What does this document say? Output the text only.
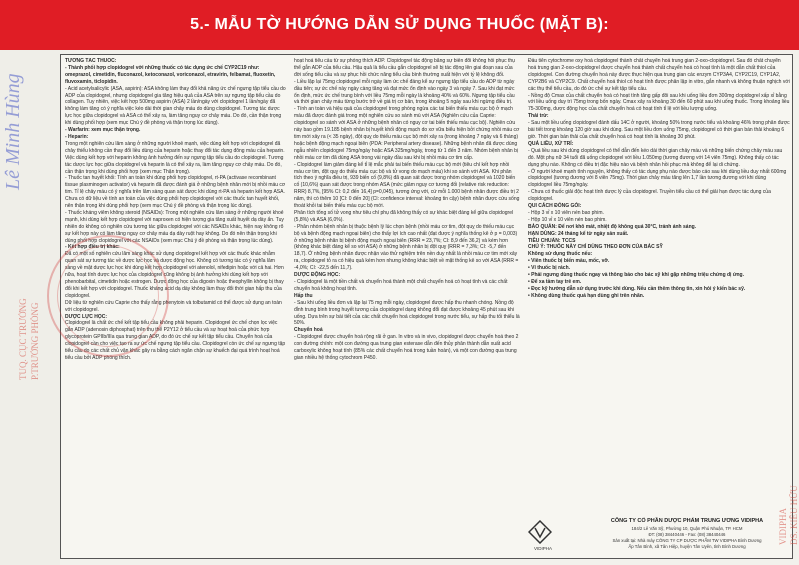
5.- MẪU TỜ HƯỚNG DẪN SỬ DỤNG THUỐC (MẶT B):
Lê Minh Hùng
TUQ. CỤC TRƯỞNG P.TRƯỞNG PHÒNG

TƯƠNG TÁC THUỐC:

- Thành phối hợp clopidogrel với những thuốc có tác dụng ức chế CYP2C19 như: omeprazol, cimetidin, fluconazol, ketoconazol, voriconazol, etravirin, felbamat, fluoxetin, fluvoxamin, ticlopidin.

- Acid acetylsalicylic (ASA, aspirin): ASA không làm thay đổi khả năng ức chế ngưng tập tiểu cầu do ADP của clopidogrel, nhưng clopidogrel gia tăng hiệu quả của ASA trên sự ngưng tập tiểu cầu do collagen. Tuy nhiên, việc kết hợp 500mg aspirin (ASA) 2 lần/ngày với clopidogrel 1 lần/ngày đã không làm tăng có ý nghĩa việc kéo dài thời gian chảy máu do dùng clopidogrel. Tương tác dược lực học giữa clopidogrel và ASA có thể xảy ra, làm tăng nguy cơ chảy máu. Do đó, cần thận trọng khi dùng phối hợp (xem mục Chú ý đề phòng và thận trọng lúc dùng).

- Warfarin: xem mục thận trọng.

- Heparin:

Trong một nghiên cứu lâm sàng ở những người khoẻ mạnh, việc dùng kết hợp với clopidogrel đã chảy thiểu không cần thay đổi liều dùng của heparin hoặc thay đổi tác dụng đông máu của heparin. Việc dùng kết hợp với heparin không ảnh hưởng đến sự ngưng tập tiểu cầu do clopidogrel. Tương tác dược lực học giữa clopidogrel và heparin là có thể xảy ra, làm tăng nguy cơ chảy máu. Do đó, cần thận trọng khi dùng phối hợp (xem mục Thận trọng).

- Thuốc tan huyết khối: Tính an toàn khi dùng phối hợp clopidogrel, rt-PA (activase recombinant tissue plasminogen activator) và heparin đã được đánh giá ở những bệnh nhân mới bị nhồi máu cơ tim. Tỉ lệ chảy máu có ý nghĩa trên lâm sàng quan sát được khi dùng rt-PA và heparin kết hợp ASA. Chưa có dữ liệu về tính an toàn của việc dùng phối hợp clopidogrel với các thuốc tan huyết khối, nên thận trọng khi dùng phối hợp (xem mục Chú ý đề phòng và thận trọng lúc dùng).

- Thuốc kháng viêm không steroid (NSAIDs): Trong một nghiên cứu lâm sàng ở những người khoẻ mạnh, khi dùng kết hợp clopidogrel với naproxen có hiện tượng gia tăng xuất huyết dạ dày ẩn. Tuy nhiên do không có nghiên cứu tương tác giữa clopidogrel với các NSAIDs khác, hiện nay không rõ sự kết hợp này có làm tăng nguy cơ chảy máu dạ dày ruột hay không. Do đó nên thận trọng khi dùng phối hợp clopidogrel với các NSAIDs (xem mục Chú ý đề phòng và thận trọng lúc dùng).

- Kết hợp điều trị khác:

Đã có một số nghiên cứu lâm sàng khác sử dụng clopidogrel kết hợp với các thuốc khác nhằm quan sát sự tương tác về dược lực học và dược động học. Không có tương tác có ý nghĩa lâm sàng về mặt dược lực học khi dùng kết hợp clopidogrel với atenolol, nifedipin hoặc với cả hai. Hơn nữa, hoạt tính dược lực học của clopidogrel cũng không bị ảnh hưởng khi dùng kết hợp với phenobarbital, cimetidin hoặc estrogen. Dược động học của digoxin hoặc theophyllin không bị thay đổi khi kết hợp với clopidogrel. Thuốc kháng acid dạ dày không làm thay đổi thời gian hấp thu của clopidogrel.

Dữ liệu từ nghiên cứu Caprie cho thấy rằng phenytoin và tolbutamid có thể được sử dụng an toàn với clopidogrel.

DƯỢC LỰC HỌC:

Clopidogrel là chất ức chế kết tập tiểu cầu không phải heparin. Clopidogrel ức chế chọn lọc việc gắn ADP (adenosin diphosphat) trên thụ thể P2Y12 ở tiểu cầu và sự hoạt hoá của phức hợp glycoprotein GPIIb/IIIa qua trung gian ADP, do đó ức chế sự kết tập tiểu cầu. Chuyển hoá của clopidogrel cần cho việc tạo ra sự ức chế ngưng tập tiểu cầu. Clopidogrel còn ức chế sự ngưng tập tiểu cầu do các chất chủ vận khác gây ra bằng cách ngăn chặn sự khuếch đại quá trình hoạt hoá tiểu cầu bởi ADP phóng thích.

hoạt hoá tiểu cầu từ sự phóng thích ADP. Clopidogrel tác động bằng sự biến đổi không hồi phục thụ thể gắn ADP của tiểu cầu. Hậu quả là tiểu cầu gắn clopidogrel sẽ bị tác động lên giai đoạn sau của đời sống tiểu cầu và sự phục hồi chức năng tiểu cầu bình thường xuất hiện với tỷ lệ không đổi.

- Liều lặp lại 75mg clopidogrel mỗi ngày làm ức chế đáng kể sự ngưng tập tiểu cầu do ADP từ ngày đầu tiên; sự ức chế này ngày càng tăng và đạt mức ổn định vào ngày 3 và ngày 7. Sau khi đạt mức ổn định, mức ức chế trung bình với liều 75mg mỗi ngày là khoảng 40% và 60%. Ngưng tập tiểu cầu và thời gian chảy máu từng bước trở về giá trị cơ bản, trong khoảng 5 ngày sau khi ngừng điều trị.

- Tính an toàn và hiệu quả của clopidogrel trong phòng ngừa các tai biến thiếu máu cục bộ ở mạch máu đã được đánh giá trong một nghiên cứu so sánh mù với ASA (Nghiên cứu của Caprie: clopidogrel so sánh với ASA ở những bệnh nhân có nguy cơ tai biến thiếu máu cục bộ). Nghiên cứu này bao gồm 19.185 bệnh nhân bị huyết khối động mạch do xơ vữa biểu hiện bởi chứng nhồi máu cơ tim mới xảy ra (< 35 ngày), đột quỵ do thiếu máu cục bộ mới xảy ra (trong khoảng 7 ngày và 6 tháng) hoặc bệnh động mạch ngoại biên (PDA: Peripheral artery disease). Những bệnh nhân đã được dùng ngẫu nhiên clopidogrel 75mg/ngày hoặc ASA 325mg/ngày, trong từ 1 đến 3 năm. Nhóm bệnh nhân bị nhồi máu cơ tim đã dùng ASA trong vài ngày đầu sau khi bị nhồi máu cơ tim cấp.

- Clopidogrel làm giảm đáng kể tỉ lệ mắc phải tai biến thiếu máu cục bộ mới (tiêu chí kết hợp nhồi máu cơ tim, đột quỵ do thiếu máu cục bộ và tử vong do mạch máu) khi so sánh với ASA. Khi phân tích theo ý nghĩa điều trị, 939 biến cố (9,8%) đã quan sát được trong nhóm clopidogrel và 1020 biến cố (10,6%) quan sát được trong nhóm ASA (mức giảm nguy cơ tương đối (relative risk reduction: RRR) 8,7%, [95% CI: 0,2 đến 16,4] p=0,045), tương ứng với, cứ mỗi 1.000 bệnh nhân được điều trị 2 năm, thì có thêm 10 [CI: 0 đến 20] (CI: confidence interval: khoảng tin cậy) bệnh nhân được cứu sống thoát khỏi tai biến thiếu máu cục bộ mới.

Phân tích tổng số tử vong như tiêu chí phụ đã không thấy có sự khác biệt đáng kể giữa clopidogrel (5,8%) và ASA (6,0%).

- Phân nhóm bệnh nhân bị thuộc bệnh lý lúc chọn bệnh (nhồi máu cơ tim, đột quỵ do thiếu máu cục bộ và bệnh động mạch ngoại biên) cho thấy lợi ích cao nhất (đạt được ý nghĩa thống kê ở p = 0,003) ở những bệnh nhân bị bệnh động mạch ngoại biên (RRR = 23,7%; CI: 8,9 đến 36,2) và kém hơn (không khác biệt đáng kể so với ASA) ở những bệnh nhân bị đột quỵ (RRR = 7,3%; CI: -5,7 đến 18,7). Ở những bệnh nhân được nhận vào thử nghiệm trên nền duy nhất là nhồi máu cơ tim mới xảy ra, clopidogrel tỏ ra có hiệu quả kém hơn nhưng không khác biệt về mặt thống kê so với ASA (RRR = -4,0%; CI: -22,5 đến 11,7).

DƯỢC ĐỘNG HỌC:

- Clopidogrel là một tiền chất và chuyển hoá thành một chất chuyển hoá có hoạt tính và các chất chuyển hoá không hoạt tính.

Hấp thu

- Sau khi uống liều đơn và lặp lại 75 mg mỗi ngày, clopidogrel được hấp thu nhanh chóng. Nồng độ đỉnh trung bình trong huyết tương của clopidogrel dạng không đổi đạt được khoảng 45 phút sau khi uống. Dựa trên sự bài tiết của các chất chuyển hoá clopidogrel trong nước tiểu, sự hấp thu tối thiểu là 50%.

Chuyển hoá

- Clopidogrel được chuyển hoá rộng rãi ở gan. In vitro và in vivo, clopidogrel được chuyển hoá theo 2 con đường chính: một con đường qua trung gian esterase dẫn đến thủy phân thành dẫn xuất acid carboxylic không hoạt tính (85% các chất chuyển hoá trong tuần hoàn), và một con đường qua trung gian nhiều hệ thống cytochrom P450.

Đầu tiên cytochrome oxy hoá clopidogrel thành chất chuyển hoá trung gian 2-oxo-clopidogrel. Sau đó chất chuyển hoá trung gian 2-oxo-clopidogrel được chuyển hoá thành chất chuyển hoá có hoạt tính là một dẫn chất thiol của clopidogrel. Con đường chuyển hoá này được thực hiện qua trung gian các enzym CYP3A4, CYP2C19, CYP1A2, CYP2B6 và CYP2C9. Chất chuyển hoá thiol có hoạt tính được phân lập in vitro, gắn nhanh và không thuận nghịch với các thụ thể tiểu cầu, do đó ức chế sự kết tập tiểu cầu.

- Nồng độ Cmax của chất chuyển hoá có hoạt tính tăng gấp đôi sau khi uống liều đơn 300mg clopidogrel xấp xỉ bằng với liều uống duy trì 75mg trong bốn ngày. Cmax xảy ra khoảng 30 đến 60 phút sau khi uống thuốc. Trong khoảng liều 75-300mg, dược động học của chất chuyển hoá có hoạt tính tỉ lệ với liều lượng uống.

Thải trừ:

- Sau một liều uống clopidogrel đánh dấu 14C ở người, khoảng 50% trong nước tiểu và khoảng 46% trong phân được bài tiết trong khoảng 120 giờ sau khi dùng. Sau một liều đơn uống 75mg, clopidogrel có thời gian bán thải khoảng 6 giờ. Thời gian bán thải của chất chuyển hoá có hoạt tính là khoảng 30 phút.

QUÁ LIỀU, XỬ TRÍ:

- Quá liều sau khi dùng clopidogrel có thể dẫn đến kéo dài thời gian chảy máu và những biến chứng chảy máu sau đó. Một phụ nữ 34 tuổi đã uống clopidogrel với liều 1.050mg (tương đương với 14 viên 75mg). Không thấy có tác dụng phụ nào. Không có điều trị đặc hiệu nào và bệnh nhân hồi phục mà không để lại di chứng.

- Ở người khoẻ mạnh tình nguyện, không thấy có tác dụng phụ nào được báo cáo sau khi dùng liều duy nhất 600mg clopidogrel (tương đương với 8 viên 75mg). Thời gian chảy máu tăng lên 1,7 lần tương đương với khi dùng clopidogrel liều 75mg/ngày.

- Chưa có thuốc giải độc hoạt tính dược lý của clopidogrel. Truyền tiểu cầu có thể giải hạn được tác dụng của clopidogrel.

QUI CÁCH ĐÓNG GÓI:

- Hộp 3 vỉ x 10 viên nén bao phim.

- Hộp 10 vỉ x 10 viên nén bao phim.

BẢO QUẢN: Để nơi khô mát, nhiệt độ không quá 30°C, tránh ánh sáng.

HẠN DÙNG: 24 tháng kể từ ngày sản xuất.

TIÊU CHUẨN: TCCS

CHÚ Ý: THUỐC NÀY CHỈ DÙNG THEO ĐƠN CỦA BÁC SỸ

Không sử dụng thuốc nếu:

• Viên thuốc bị biến màu, mốc, vỡ.

• Vỉ thuốc bị rách.

• Phải ngưng dùng thuốc ngay và thông báo cho bác sỹ khi gặp những triệu chứng dị ứng.

• Để xa tầm tay trẻ em.

• Đọc kỹ hướng dẫn sử dụng trước khi dùng. Nếu cần thêm thông tin, xin hỏi ý kiến bác sỹ.

• Không dùng thuốc quá hạn dùng ghi trên nhãn.

VIDIPHA
CÔNG TY CỔ PHẦN DƯỢC PHẨM TRUNG ƯƠNG VIDIPHA
184/2 Lê Văn Sỹ, Phường 10, Quận Phú Nhuận, TP. HCM
ĐT: (08) 38440446 - Fax: (08) 38440446
Sản xuất tại: Nhà máy CÔNG TY CP DƯỢC PHẨM TW VIDIPHA Bình Dương
Ấp Tân Bình, xã Tân Hiệp, huyện Tân Uyên, tỉnh Bình Dương
VIDIPHA DS. KIỀU HỮU
